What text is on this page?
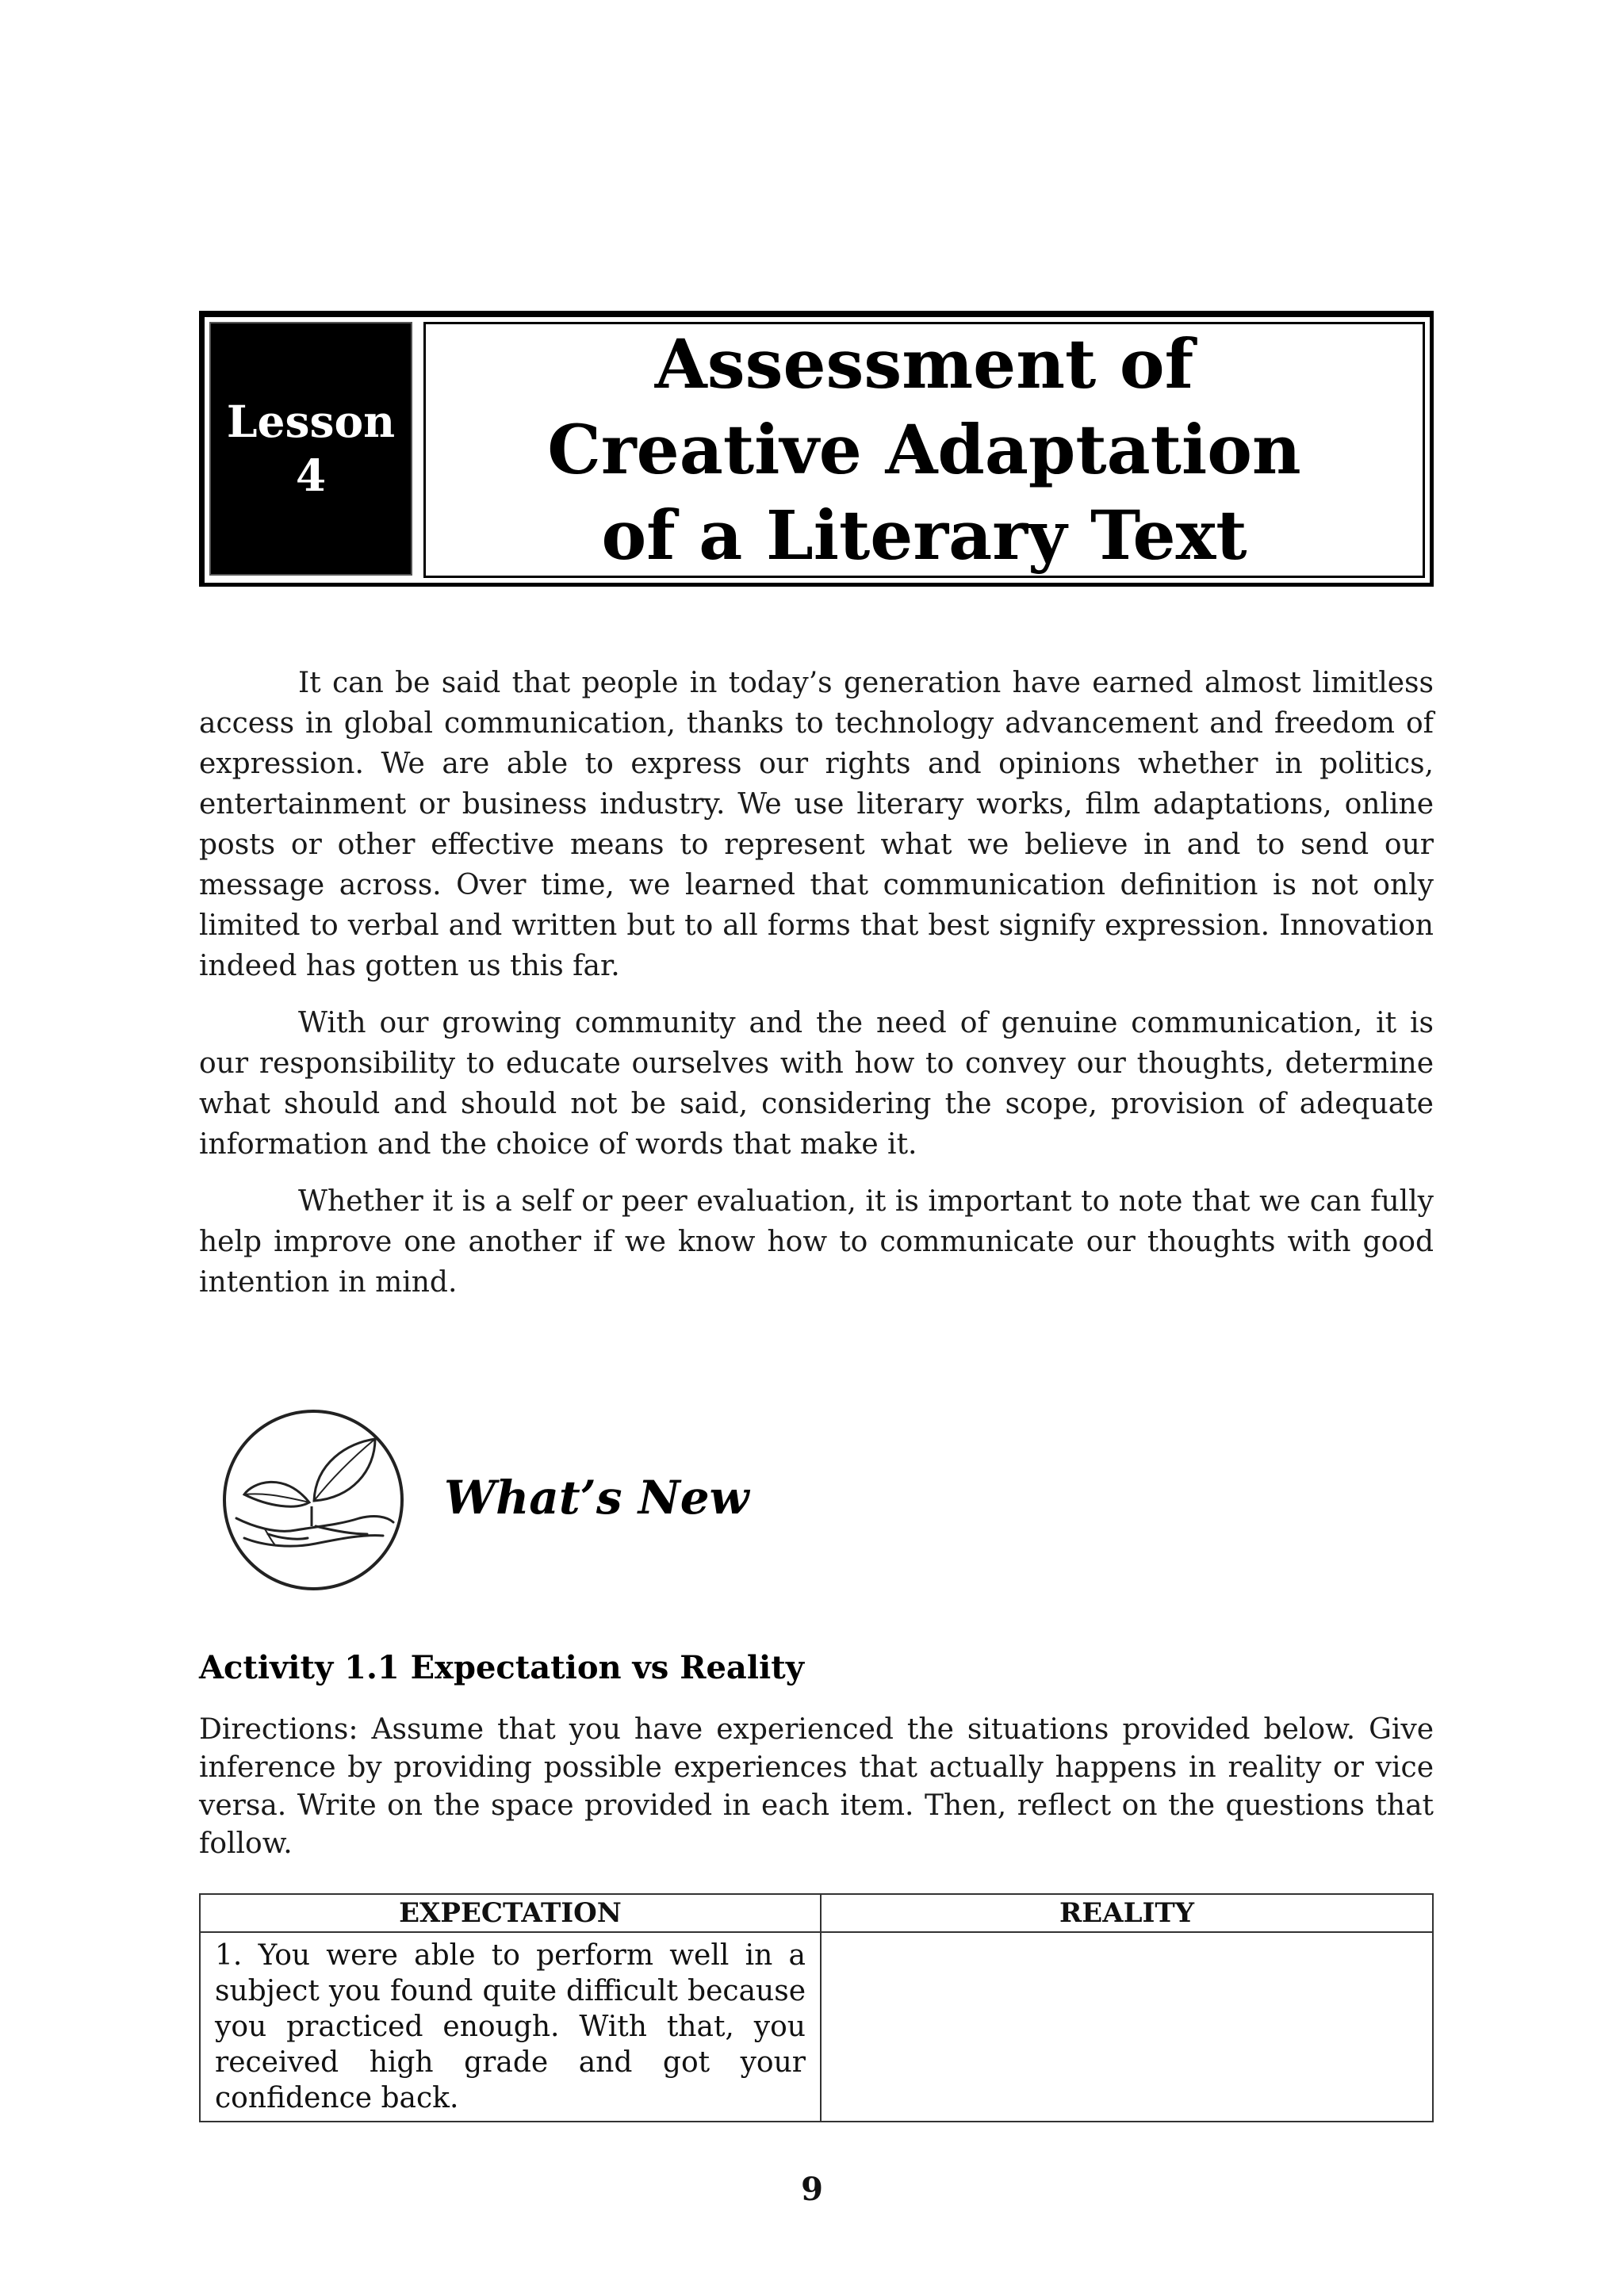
Lesson
4
Assessment of
Creative Adaptation
of a Literary Text

It can be said that people in today’s generation have earned almost limitless access in global communication, thanks to technology advancement and freedom of expression. We are able to express our rights and opinions whether in politics, entertainment or business industry. We use literary works, film adaptations, online posts or other effective means to represent what we believe in and to send our message across. Over time, we learned that communication definition is not only limited to verbal and written but to all forms that best signify expression. Innovation indeed has gotten us this far.

With our growing community and the need of genuine communication, it is our responsibility to educate ourselves with how to convey our thoughts, determine what should and should not be said, considering the scope, provision of adequate information and the choice of words that make it.

Whether it is a self or peer evaluation, it is important to note that we can fully help improve one another if we know how to communicate our thoughts with good intention in mind.

What’s New
Activity 1.1 Expectation vs Reality
Directions: Assume that you have experienced the situations provided below. Give inference by providing possible experiences that actually happens in reality or vice versa. Write on the space provided in each item. Then, reflect on the questions that follow.
EXPECTATION	REALITY
1. You were able to perform well in a subject you found quite difficult because you practiced enough. With that, you received high grade and got your confidence back.	
9
